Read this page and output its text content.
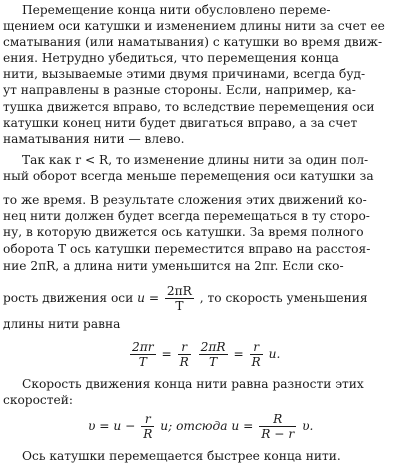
Перемещение конца нити обусловлено переме-
щением оси катушки и изменением длины нити за счет ее
сматывания (или наматывания) с катушки во время движ-
ения. Нетрудно убедиться, что перемещения конца
нити, вызываемые этими двумя причинами, всегда буд-
ут направлены в разные стороны. Если, например, ка-
тушка движется вправо, то вследствие перемещения оси
катушки конец нити будет двигаться вправо, а за счет
наматывания нити — влево.
Так как r < R, то изменение длины нити за один пол-
ный оборот всегда меньше перемещения оси катушки за
то же время. В результате сложения этих движений ко-
нец нити должен будет всегда перемещаться в ту сторо-
ну, в которую движется ось катушки. За время полного
оборота T ось катушки переместится вправо на расстоя-
ние 2πR, а длина нити уменьшится на 2πr. Если ско-
рость движения оси $u = \frac{2\pi R}{T}$ , то скорость уменьшения
длины нити равна
$\frac{2\pi r}{T} = \frac{r}{R}$
$\frac{2\pi R}{T} = \frac{r}{R} u$.
Скорость движения конца нити равна разности этих
скоростей:
$\upsilon = u - \frac{r}{R} u$; отсюда $u = \frac{R}{R - r} \upsilon$.
Ось катушки перемещается быстрее конца нити.
